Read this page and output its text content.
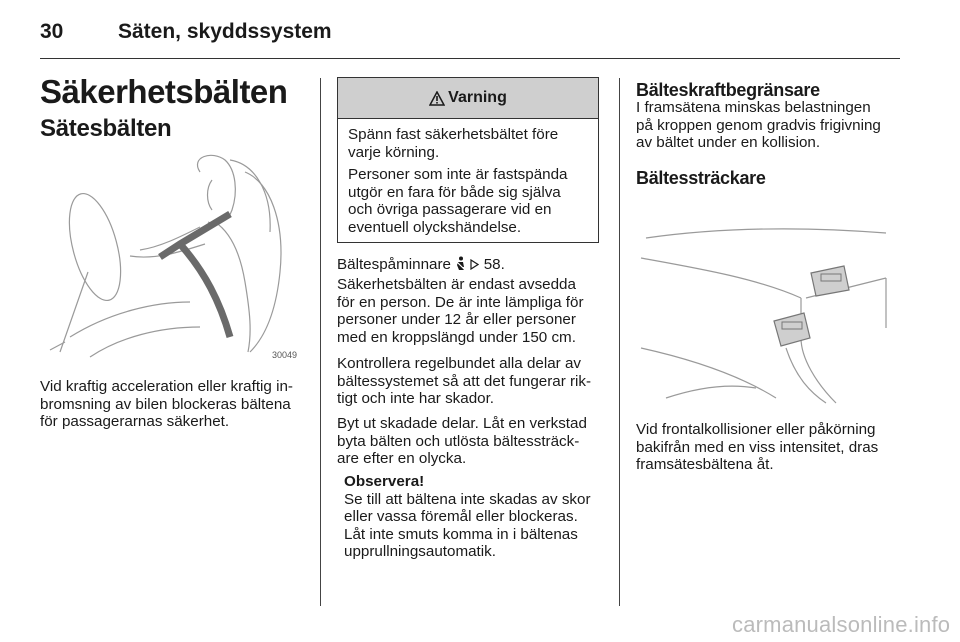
30	Säten, skyddssystem
Säkerhetsbälten
Sätesbälten
30049

Vid kraftig acceleration eller kraftig in-
bromsning av bilen blockeras bältena
för passagerarnas säkerhet.

Varning

Spänn fast säkerhetsbältet före
varje körning.

Personer som inte är fastspända
utgör en fara för både sig själva
och övriga passagerare vid en
eventuell olyckshändelse.

Bältespåminnare 58.

Säkerhetsbälten är endast avsedda
för en person. De är inte lämpliga för
personer under 12 år eller personer
med en kroppslängd under 150 cm.

Kontrollera regelbundet alla delar av
bältessystemet så att det fungerar rik-
tigt och inte har skador.

Byt ut skadade delar. Låt en verkstad
byta bälten och utlösta bältessträck-
are efter en olycka.

Observera!
Se till att bältena inte skadas av skor
eller vassa föremål eller blockeras.
Låt inte smuts komma in i bältenas
upprullningsautomatik.
Bälteskraftbegränsare

I framsätena minskas belastningen
på kroppen genom gradvis frigivning
av bältet under en kollision.

Bältessträckare

Vid frontalkollisioner eller påkörning
bakifrån med en viss intensitet, dras
framsätesbältena åt.

carmanualsonline.info
